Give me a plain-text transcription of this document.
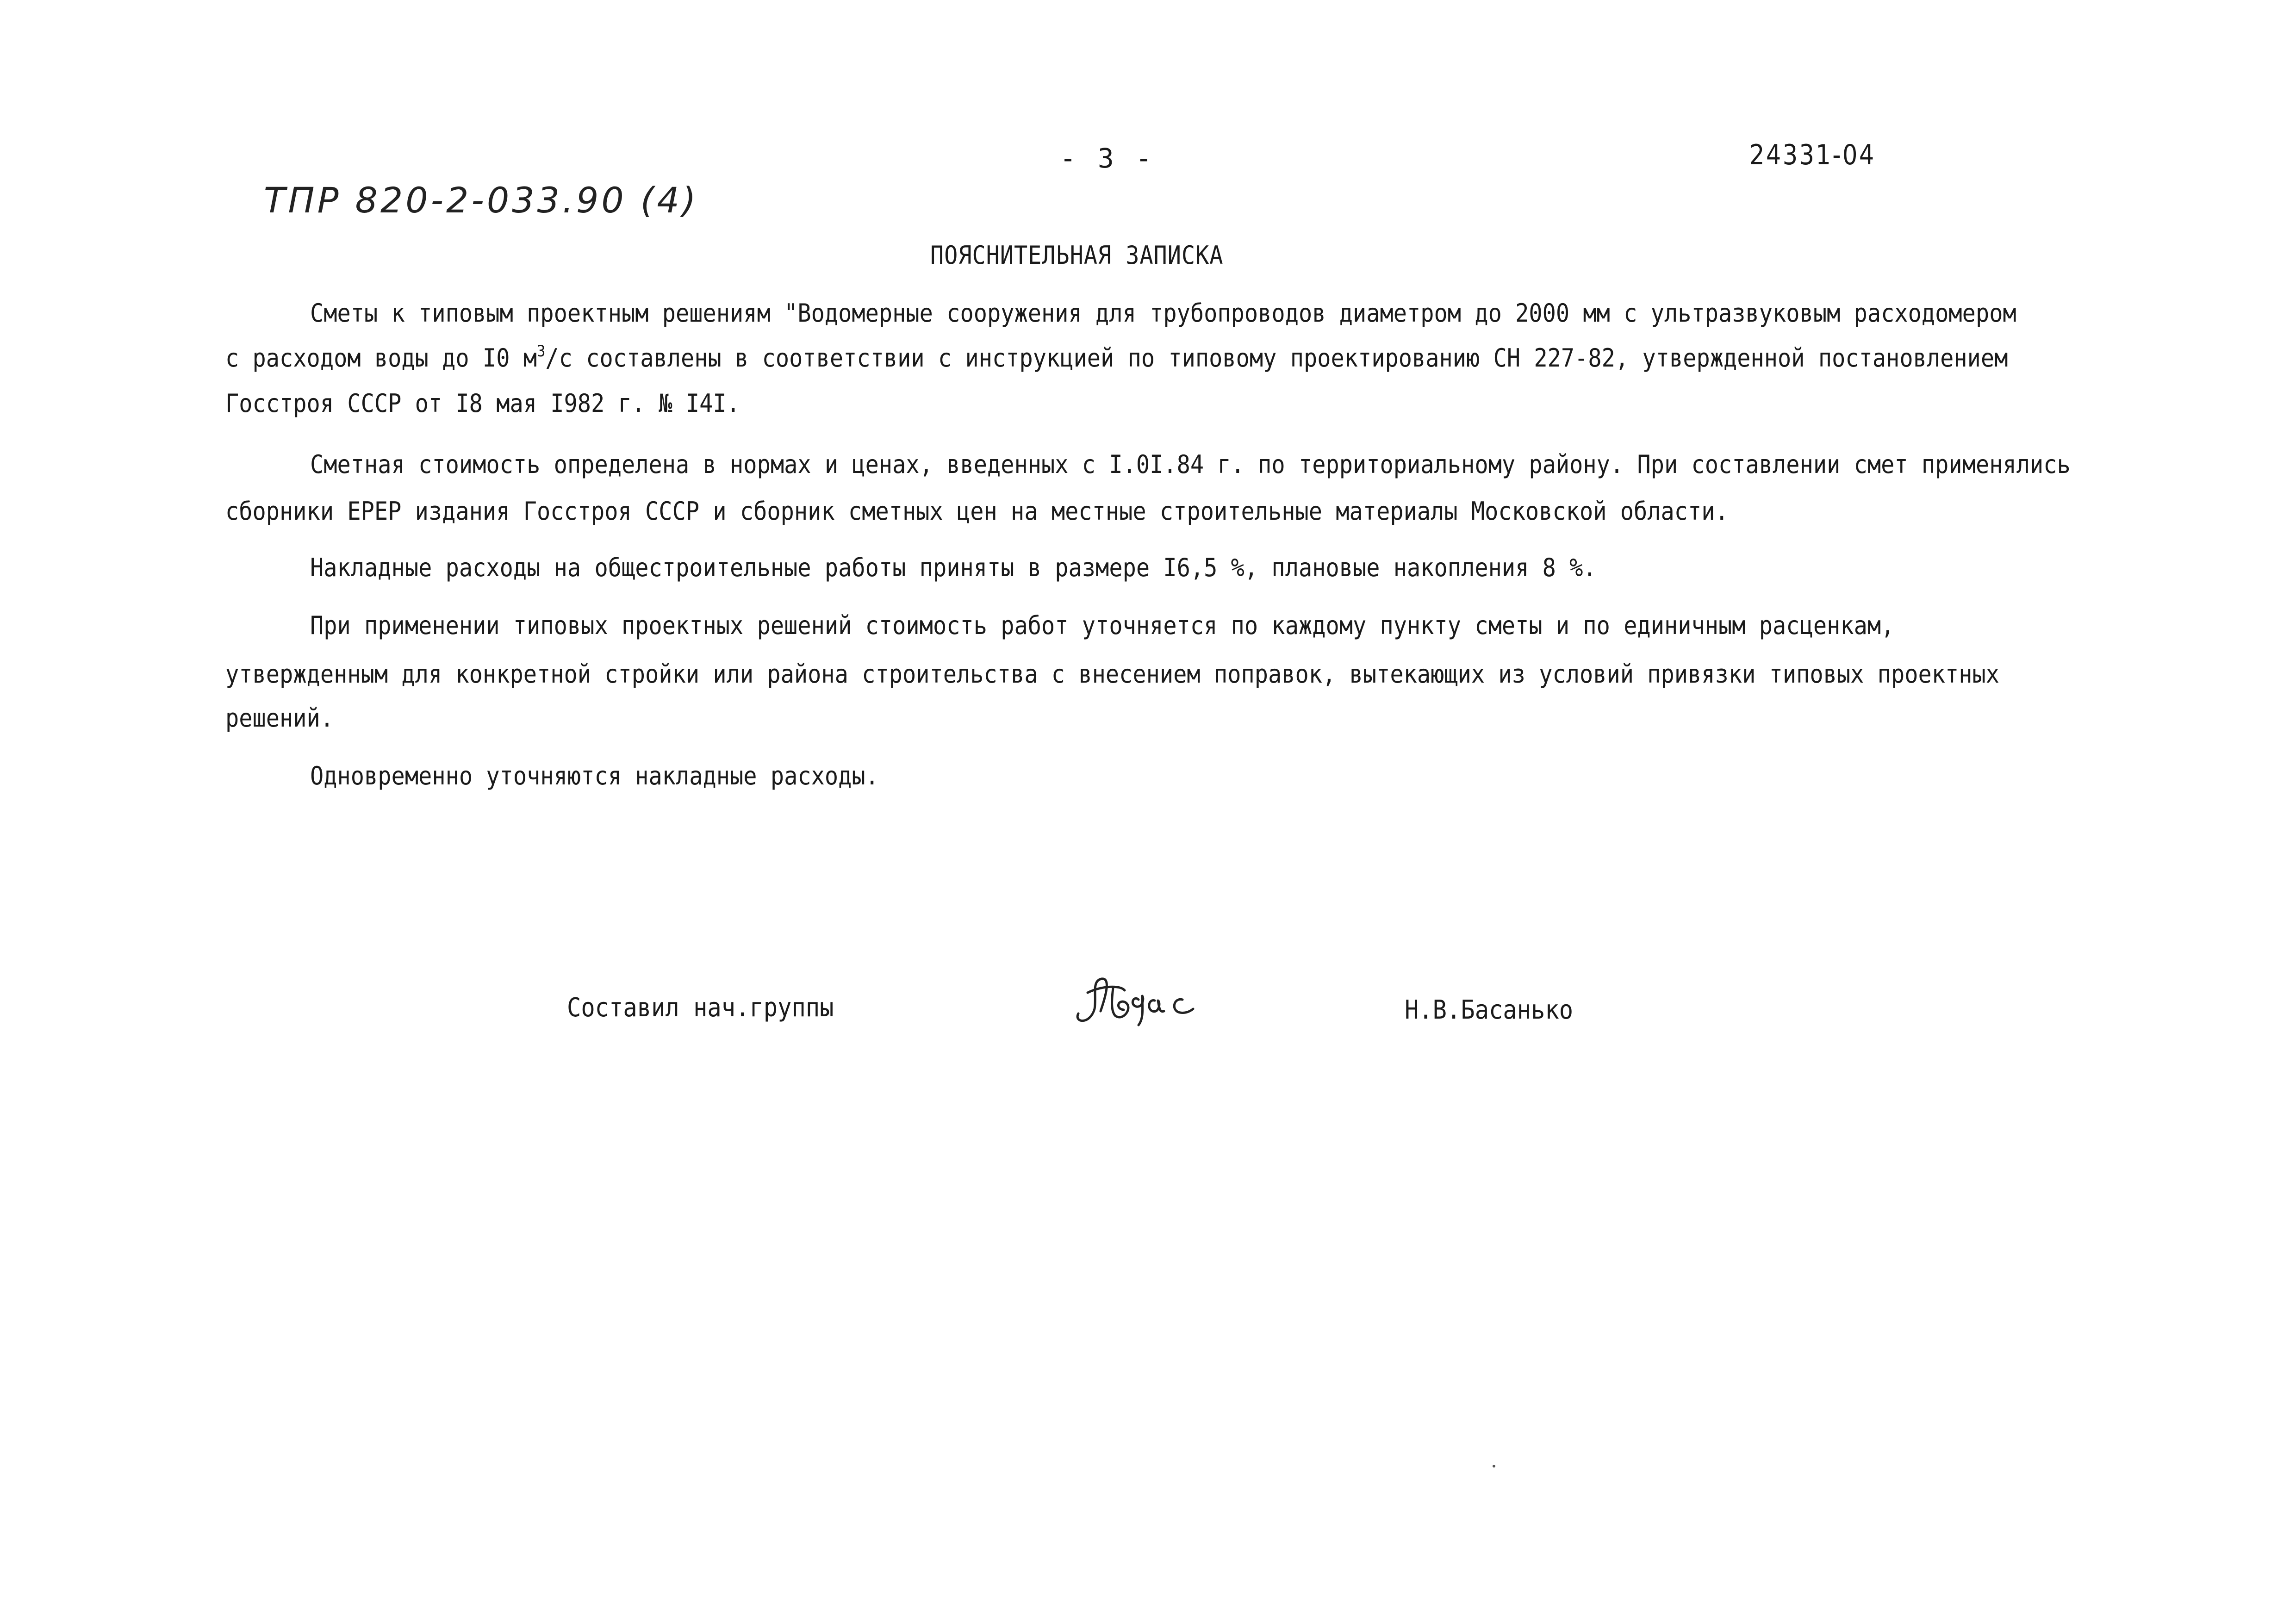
- 3 -	24331-04
ТПР 820-2-033.90 (4)
ПОЯСНИТЕЛЬНАЯ ЗАПИСКА
Сметы к типовым проектным решениям "Водомерные сооружения для трубопроводов диаметром до 2000 мм с ультразвуковым расходомером
с расходом воды до I0 $м^3/с$ составлены в соответствии с инструкцией по типовому проектированию СН 227-82, утвержденной постановлением
Госстроя СССР от I8 мая I982 г. № I4I.
Сметная стоимость определена в нормах и ценах, введенных с I.0I.84 г. по территориальному району. При составлении смет применялись
сборники ЕРЕР издания Госстроя СССР и сборник сметных цен на местные строительные материалы Московской области.
Накладные расходы на общестроительные работы приняты в размере I6,5 %, плановые накопления 8 %.
При применении типовых проектных решений стоимость работ уточняется по каждому пункту сметы и по единичным расценкам,
утвержденным для конкретной стройки или района строительства с внесением поправок, вытекающих из условий привязки типовых проектных
решений.
Одновременно уточняются накладные расходы.
Составил нач.группы	Н.В.Басанько
